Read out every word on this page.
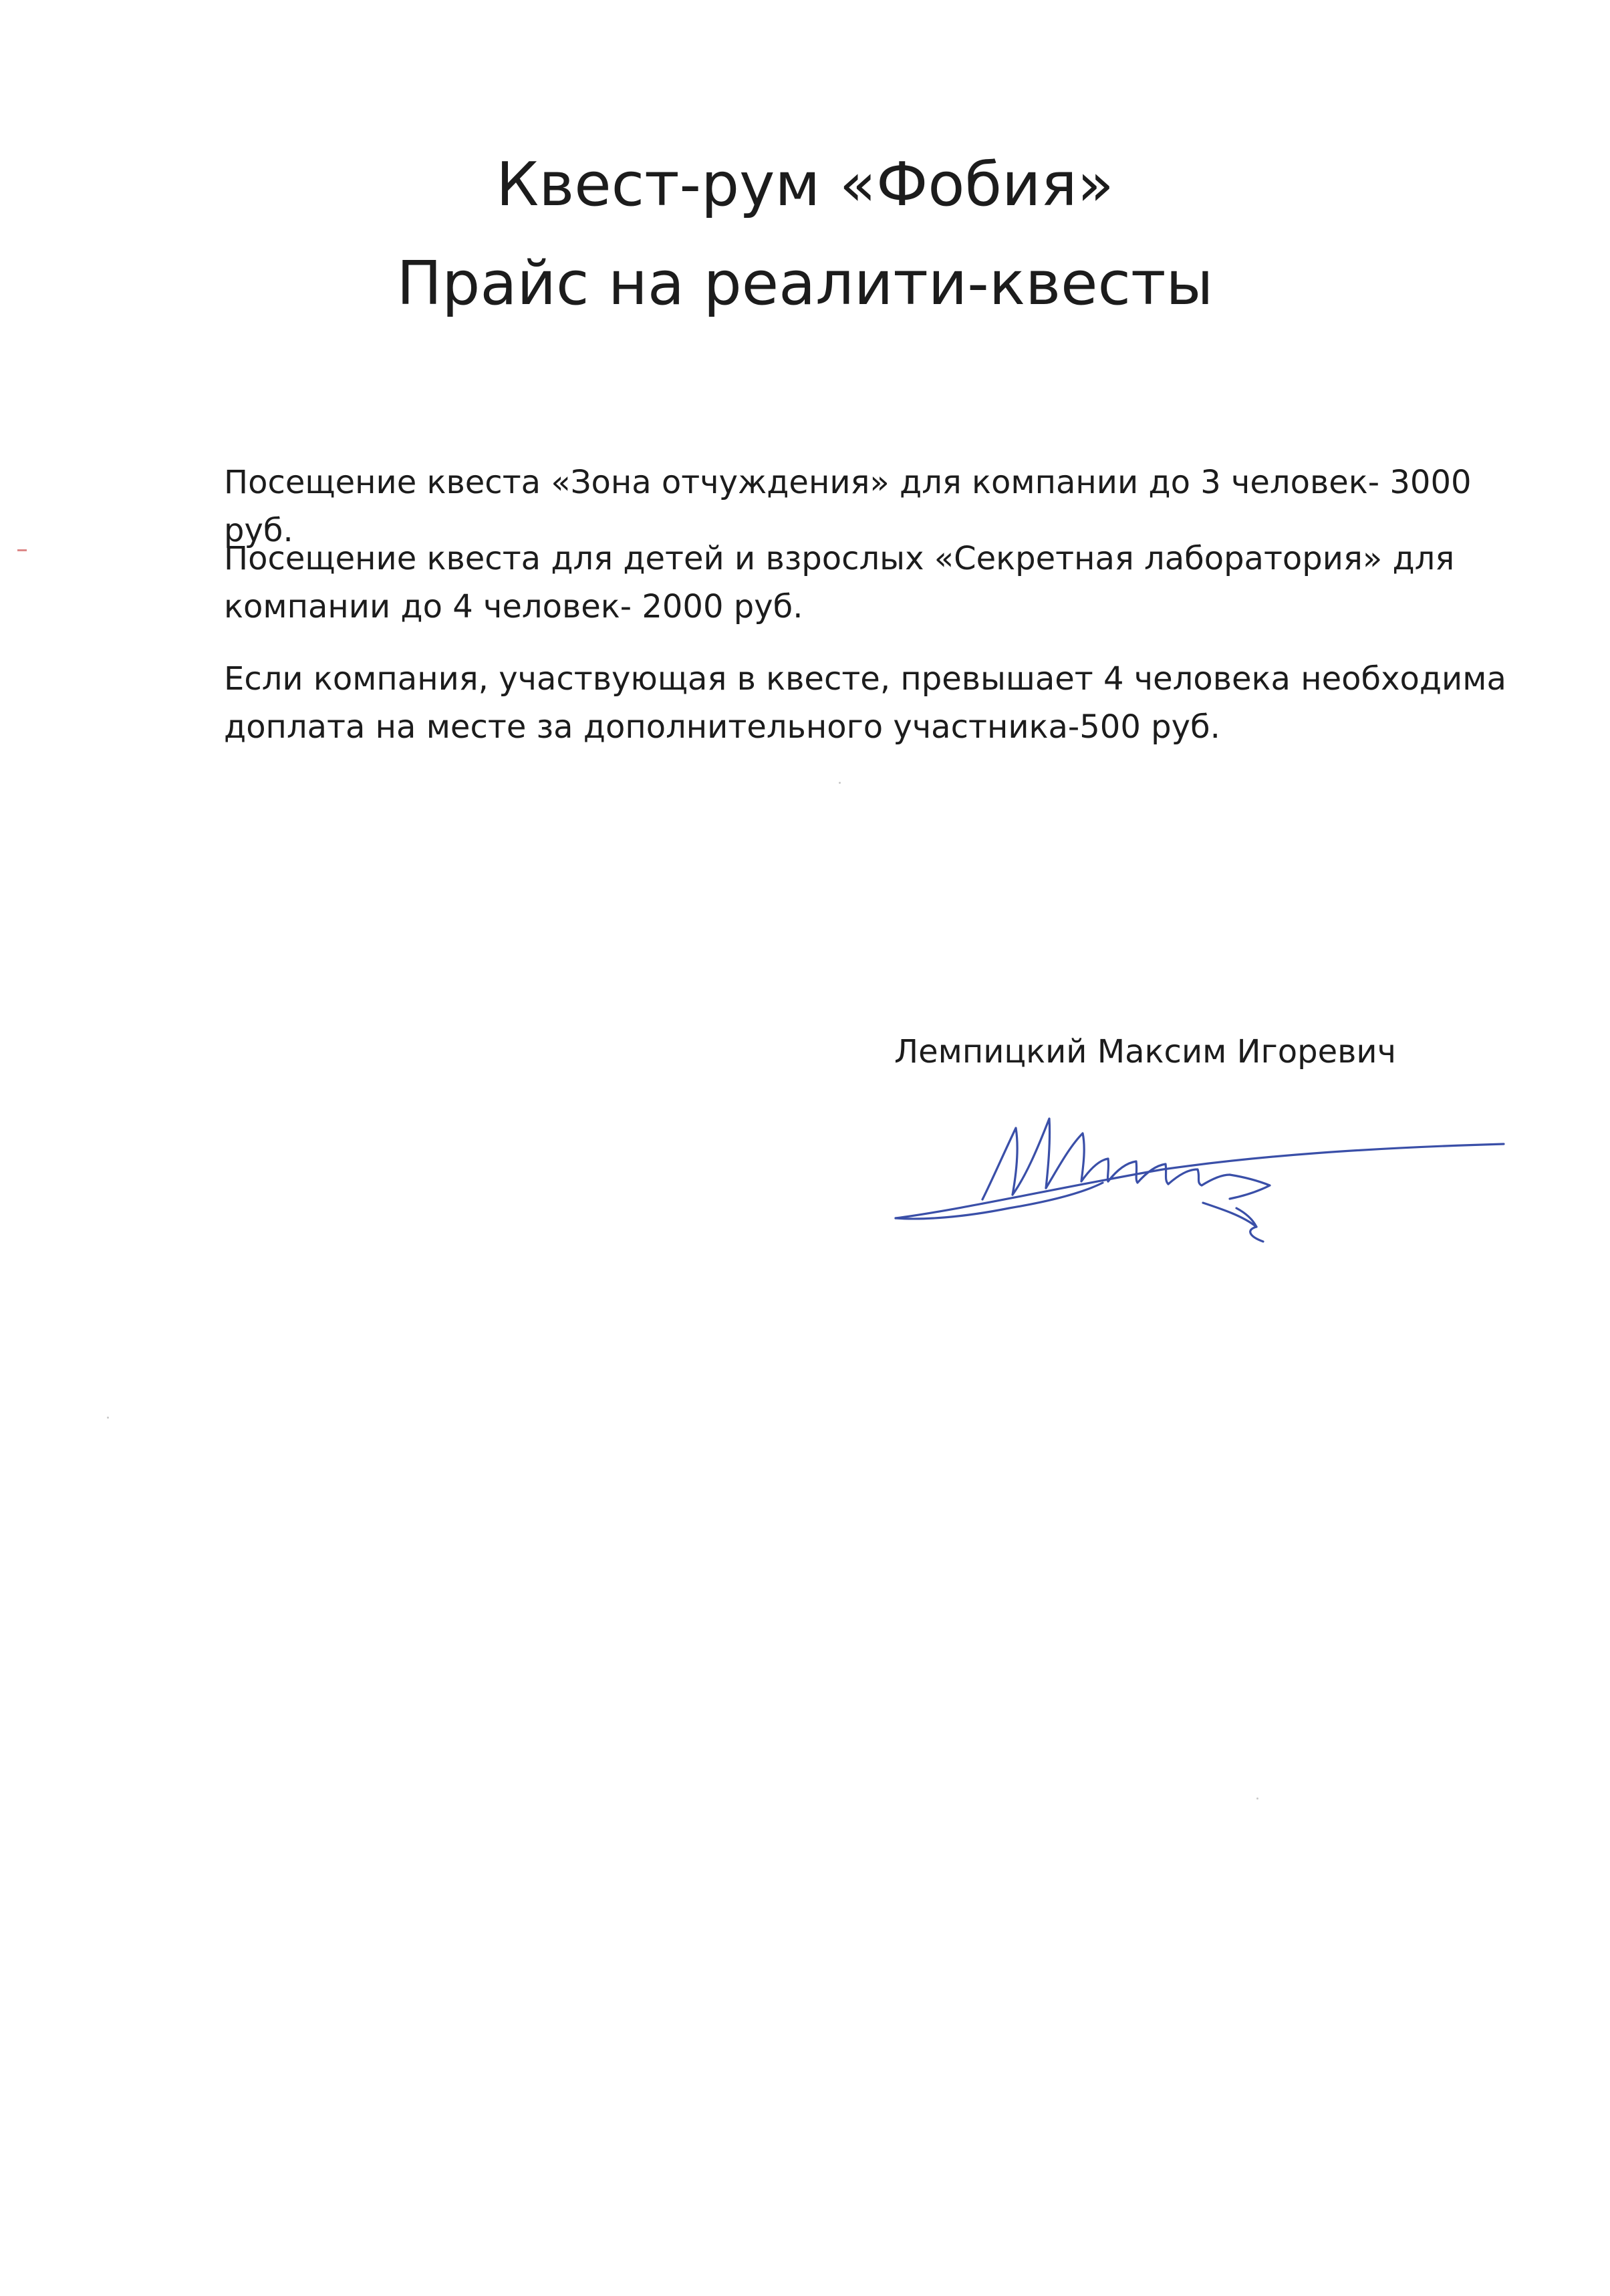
Квест-рум «Фобия»
Прайс на реалити-квесты

Посещение квеста «Зона отчуждения» для компании до 3 человек- 3000 руб.

Посещение квеста для детей и взрослых «Секретная лаборатория» для компании до 4 человек- 2000 руб.

Если компания, участвующая в квесте, превышает 4 человека необходима доплата на месте за дополнительного участника-500 руб.

Лемпицкий Максим Игоревич
